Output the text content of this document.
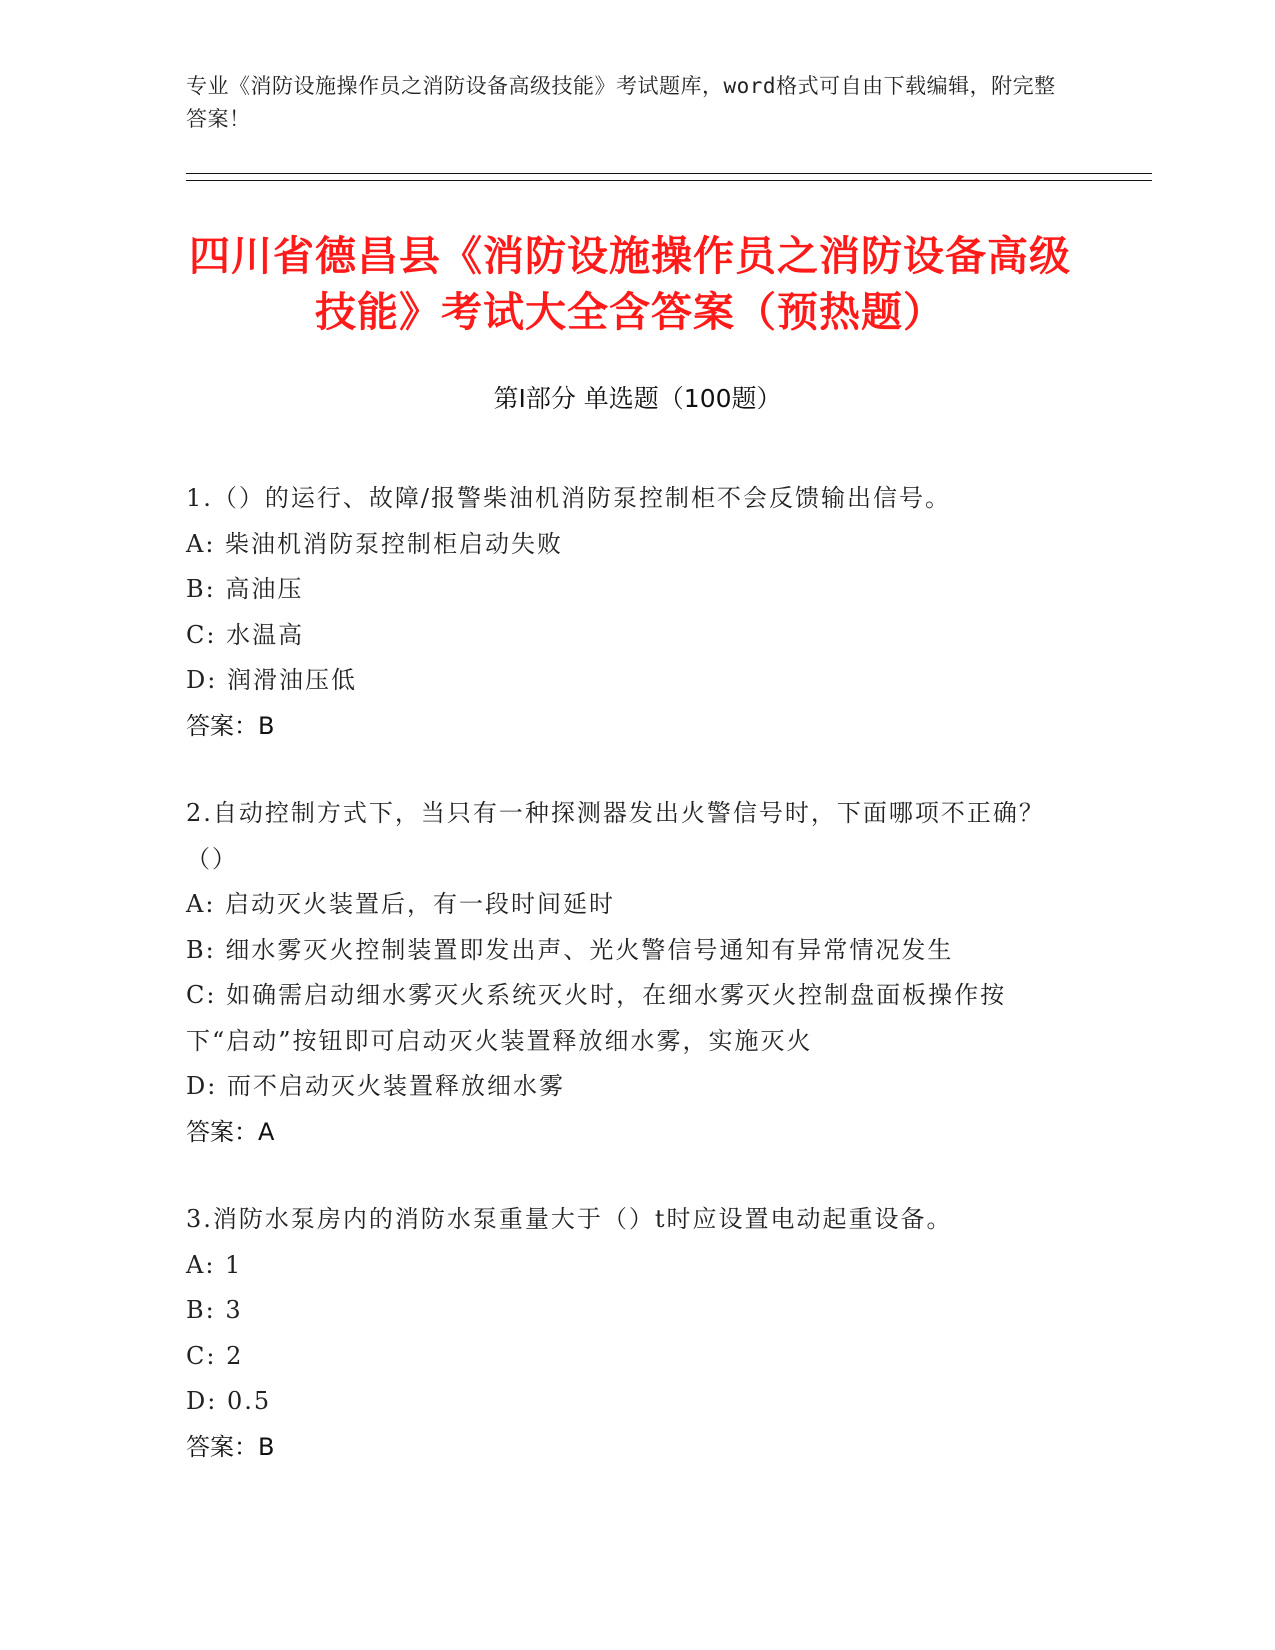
专业《消防设施操作员之消防设备高级技能》考试题库，word格式可自由下载编辑，附完整答案！
四川省德昌县《消防设施操作员之消防设备高级技能》考试大全含答案（预热题）
第Ⅰ部分 单选题（100题）
1.（）的运行、故障/报警柴油机消防泵控制柜不会反馈输出信号。
A: 柴油机消防泵控制柜启动失败
B: 高油压
C: 水温高
D: 润滑油压低
答案：B
2.自动控制方式下，当只有一种探测器发出火警信号时，下面哪项不正确？（）
A: 启动灭火装置后，有一段时间延时
B: 细水雾灭火控制装置即发出声、光火警信号通知有异常情况发生
C: 如确需启动细水雾灭火系统灭火时，在细水雾灭火控制盘面板操作按下“启动”按钮即可启动灭火装置释放细水雾，实施灭火
D: 而不启动灭火装置释放细水雾
答案：A
3.消防水泵房内的消防水泵重量大于（）t时应设置电动起重设备。
A: 1
B: 3
C: 2
D: 0.5
答案：B
